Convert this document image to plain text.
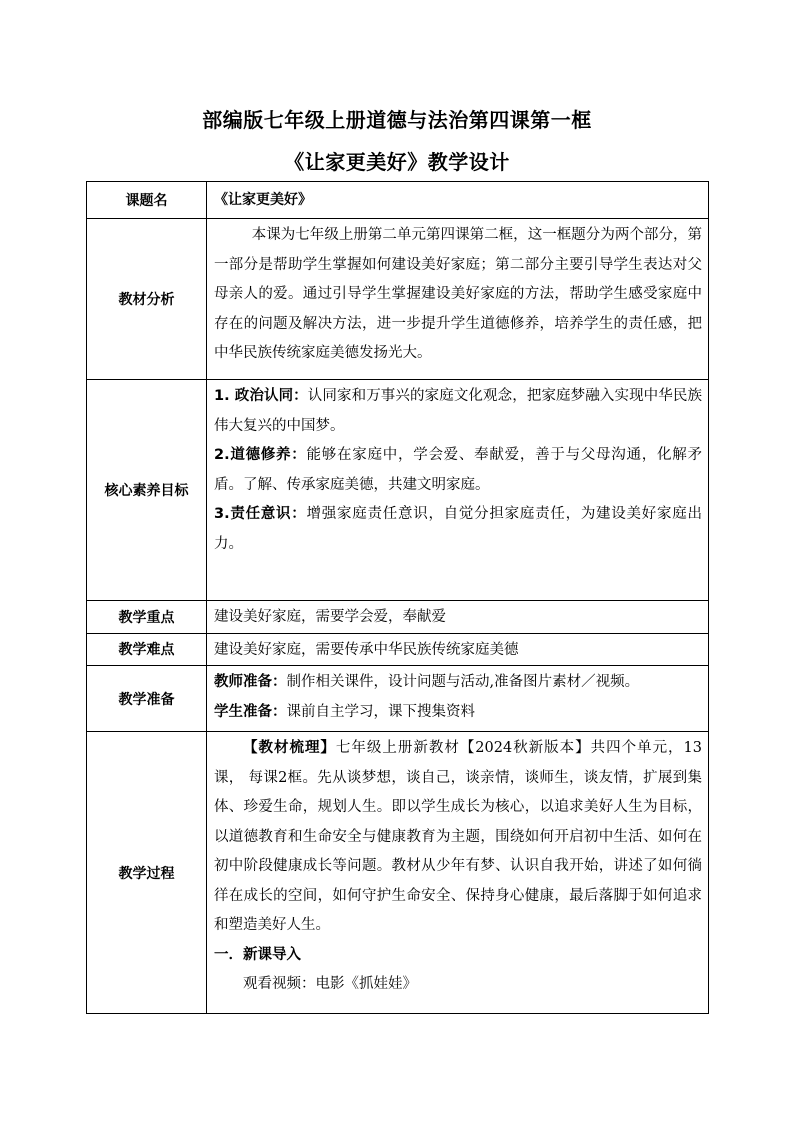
部编版七年级上册道德与法治第四课第一框
《让家更美好》教学设计
课题名	《让家更美好》
教材分析	本课为七年级上册第二单元第四课第二框，这一框题分为两个部分，第一部分是帮助学生掌握如何建设美好家庭；第二部分主要引导学生表达对父母亲人的爱。通过引导学生掌握建设美好家庭的方法，帮助学生感受家庭中存在的问题及解决方法，进一步提升学生道德修养，培养学生的责任感，把中华民族传统家庭美德发扬光大。

核心素养目标	1. 政治认同：认同家和万事兴的家庭文化观念，把家庭梦融入实现中华民族伟大复兴的中国梦。

2.道德修养：能够在家庭中，学会爱、奉献爱，善于与父母沟通，化解矛盾。了解、传承家庭美德，共建文明家庭。

3.责任意识：增强家庭责任意识，自觉分担家庭责任，为建设美好家庭出力。

教学重点	建设美好家庭，需要学会爱，奉献爱
教学难点	建设美好家庭，需要传承中华民族传统家庭美德
教学准备	教师准备：制作相关课件，设计问题与活动,准备图片素材／视频。

学生准备：课前自主学习，课下搜集资料

教学过程	【教材梳理】七年级上册新教材【2024秋新版本】共四个单元，13课， 每课2框。先从谈梦想，谈自己，谈亲情，谈师生，谈友情，扩展到集体、珍爱生命，规划人生。即以学生成长为核心，以追求美好人生为目标，以道德教育和生命安全与健康教育为主题，围绕如何开启初中生活、如何在初中阶段健康成长等问题。教材从少年有梦、认识自我开始，讲述了如何徜徉在成长的空间，如何守护生命安全、保持身心健康，最后落脚于如何追求和塑造美好人生。

一．新课导入

观看视频：电影《抓娃娃》
